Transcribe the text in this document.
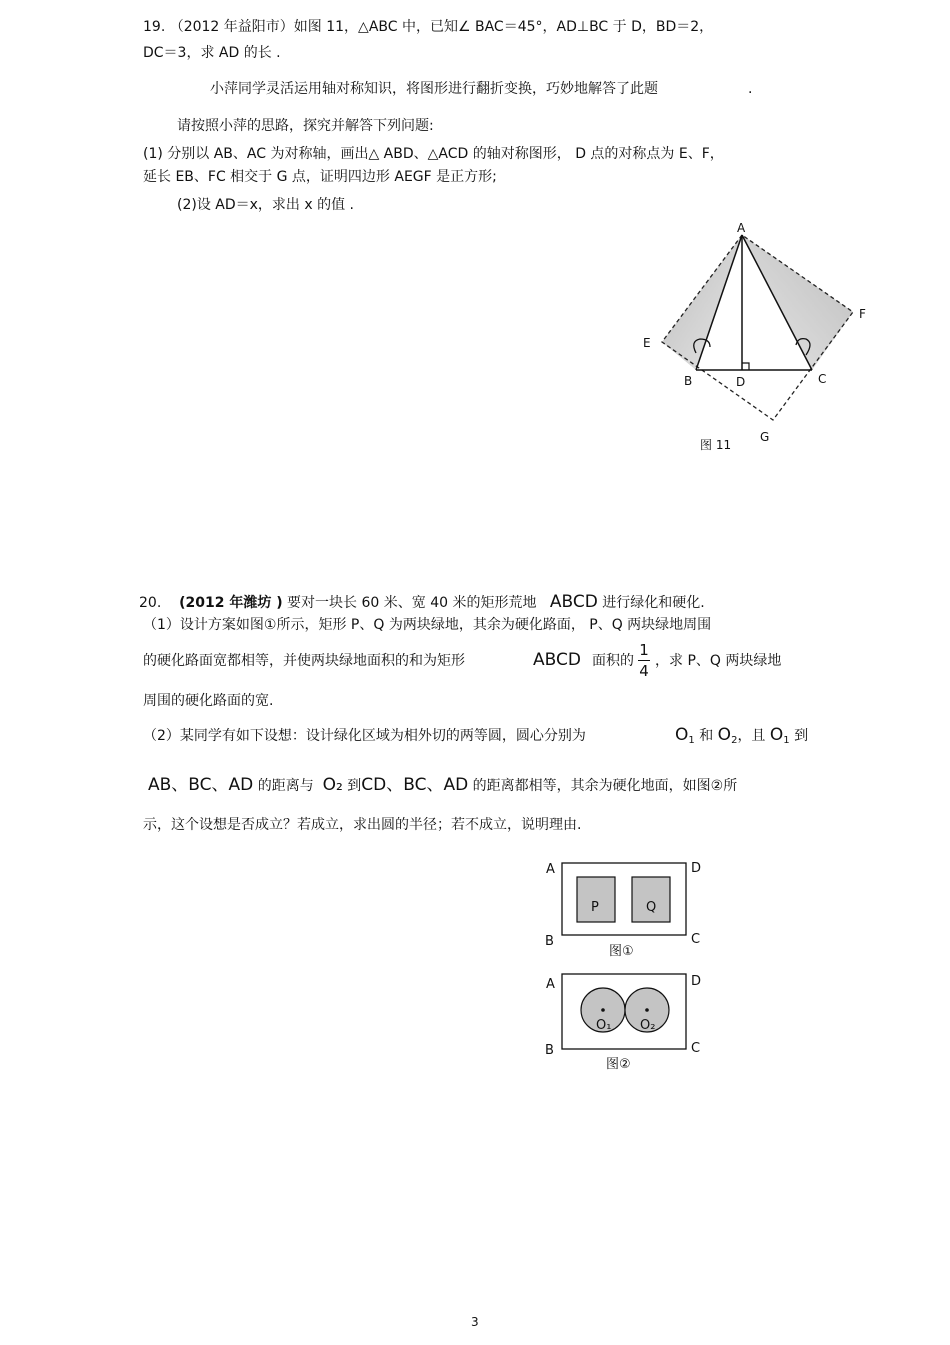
19. （2012 年益阳市）如图 11，△ABC 中，已知∠ BAC＝45°，AD⊥BC 于 D，BD＝2，
DC＝3，求 AD 的长 .
小萍同学灵活运用轴对称知识，将图形进行翻折变换，巧妙地解答了此题	.
请按照小萍的思路，探究并解答下列问题:
(1) 分别以 AB、AC 为对称轴，画出△ ABD、△ACD 的轴对称图形， D 点的对称点为 E、F，
延长 EB、FC 相交于 G 点，证明四边形 AEGF 是正方形;
(2)设 AD＝x，求出 x 的值 .
A
E
F
B	D	C
G
图 11
20. (2012 年潍坊 ) 要对一块长 60 米、宽 40 米的矩形荒地 ABCD 进行绿化和硬化.
（1）设计方案如图①所示，矩形 P、Q 为两块绿地，其余为硬化路面， P、Q 两块绿地周围
的硬化路面宽都相等，并使两块绿地面积的和为矩形	ABCD 面积的
1
4
，求 P、Q 两块绿地
周围的硬化路面的宽.
（2）某同学有如下设想：设计绿化区域为相外切的两等圆，圆心分别为	$O_1$ 和 $O_2$，且 $O_1$ 到
AB、BC、AD 的距离与 O₂ 到CD、BC、AD 的距离都相等，其余为硬化地面，如图②所
示，这个设想是否成立？若成立，求出圆的半径；若不成立，说明理由.
P	Q
A	D
B	C
图①
O₁ O₂
A	D
B	C
图②
3
